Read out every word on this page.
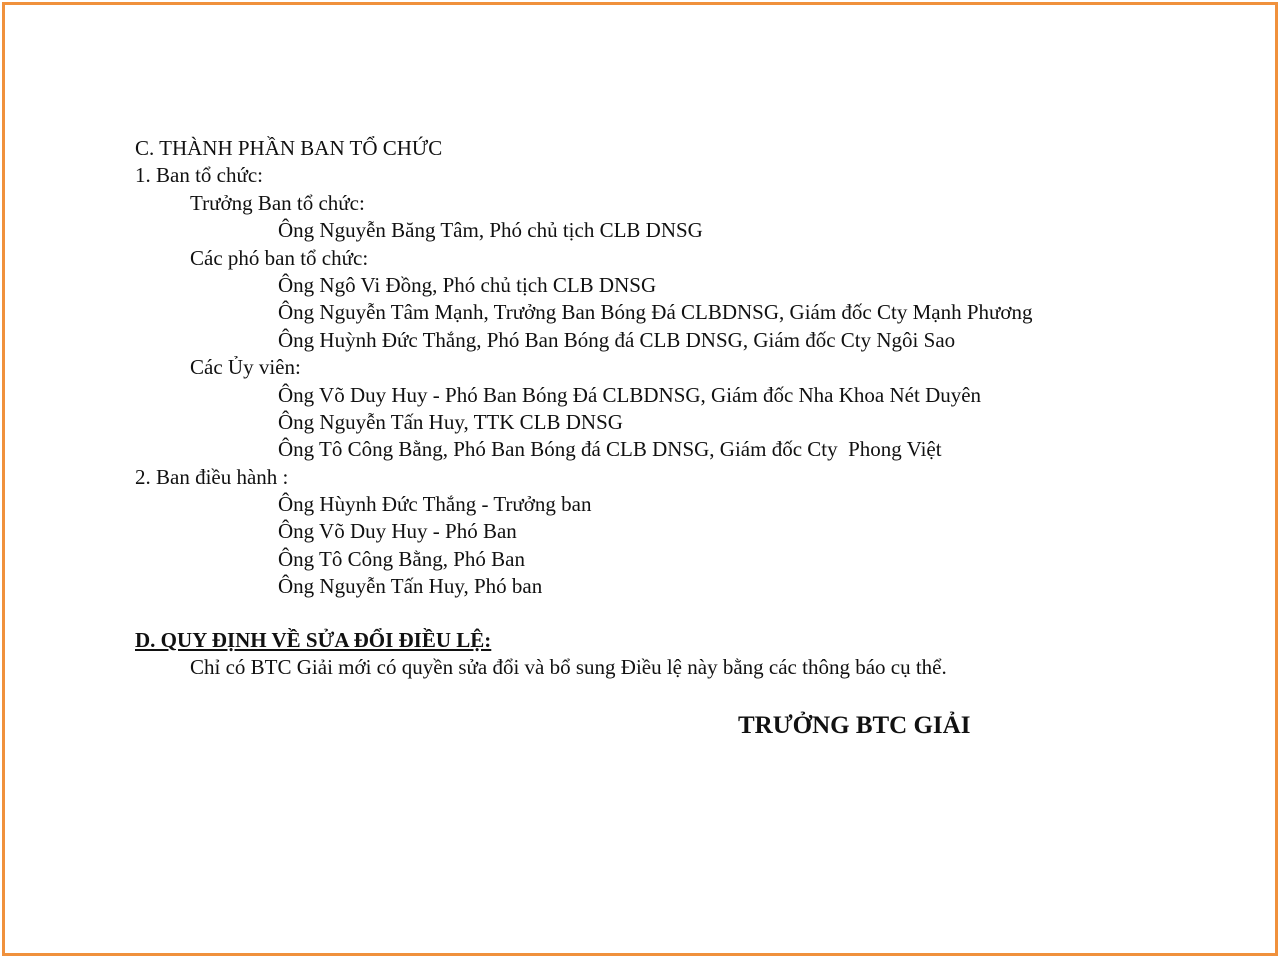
C. THÀNH PHẦN BAN TỔ CHỨC
1. Ban tổ chức:
Trưởng Ban tổ chức:
Ông Nguyễn Băng Tâm, Phó chủ tịch CLB DNSG
Các phó ban tổ chức:
Ông Ngô Vi Đồng, Phó chủ tịch CLB DNSG
Ông Nguyễn Tâm Mạnh, Trưởng Ban Bóng Đá CLBDNSG, Giám đốc Cty Mạnh Phương
Ông Huỳnh Đức Thắng, Phó Ban Bóng đá CLB DNSG, Giám đốc Cty Ngôi Sao
Các Ủy viên:
Ông Võ Duy Huy - Phó Ban Bóng Đá CLBDNSG, Giám đốc Nha Khoa Nét Duyên
Ông Nguyễn Tấn Huy, TTK CLB DNSG
Ông Tô Công Bằng, Phó Ban Bóng đá CLB DNSG, Giám đốc Cty  Phong Việt
2. Ban điều hành :
Ông Hùynh Đức Thắng - Trưởng ban
Ông Võ Duy Huy - Phó Ban
Ông Tô Công Bằng, Phó Ban
Ông Nguyễn Tấn Huy, Phó ban
D. QUY ĐỊNH VỀ SỬA ĐỔI ĐIỀU LỆ:
Chỉ có BTC Giải mới có quyền sửa đổi và bổ sung Điều lệ này bằng các thông báo cụ thể.
TRƯỞNG BTC GIẢI
